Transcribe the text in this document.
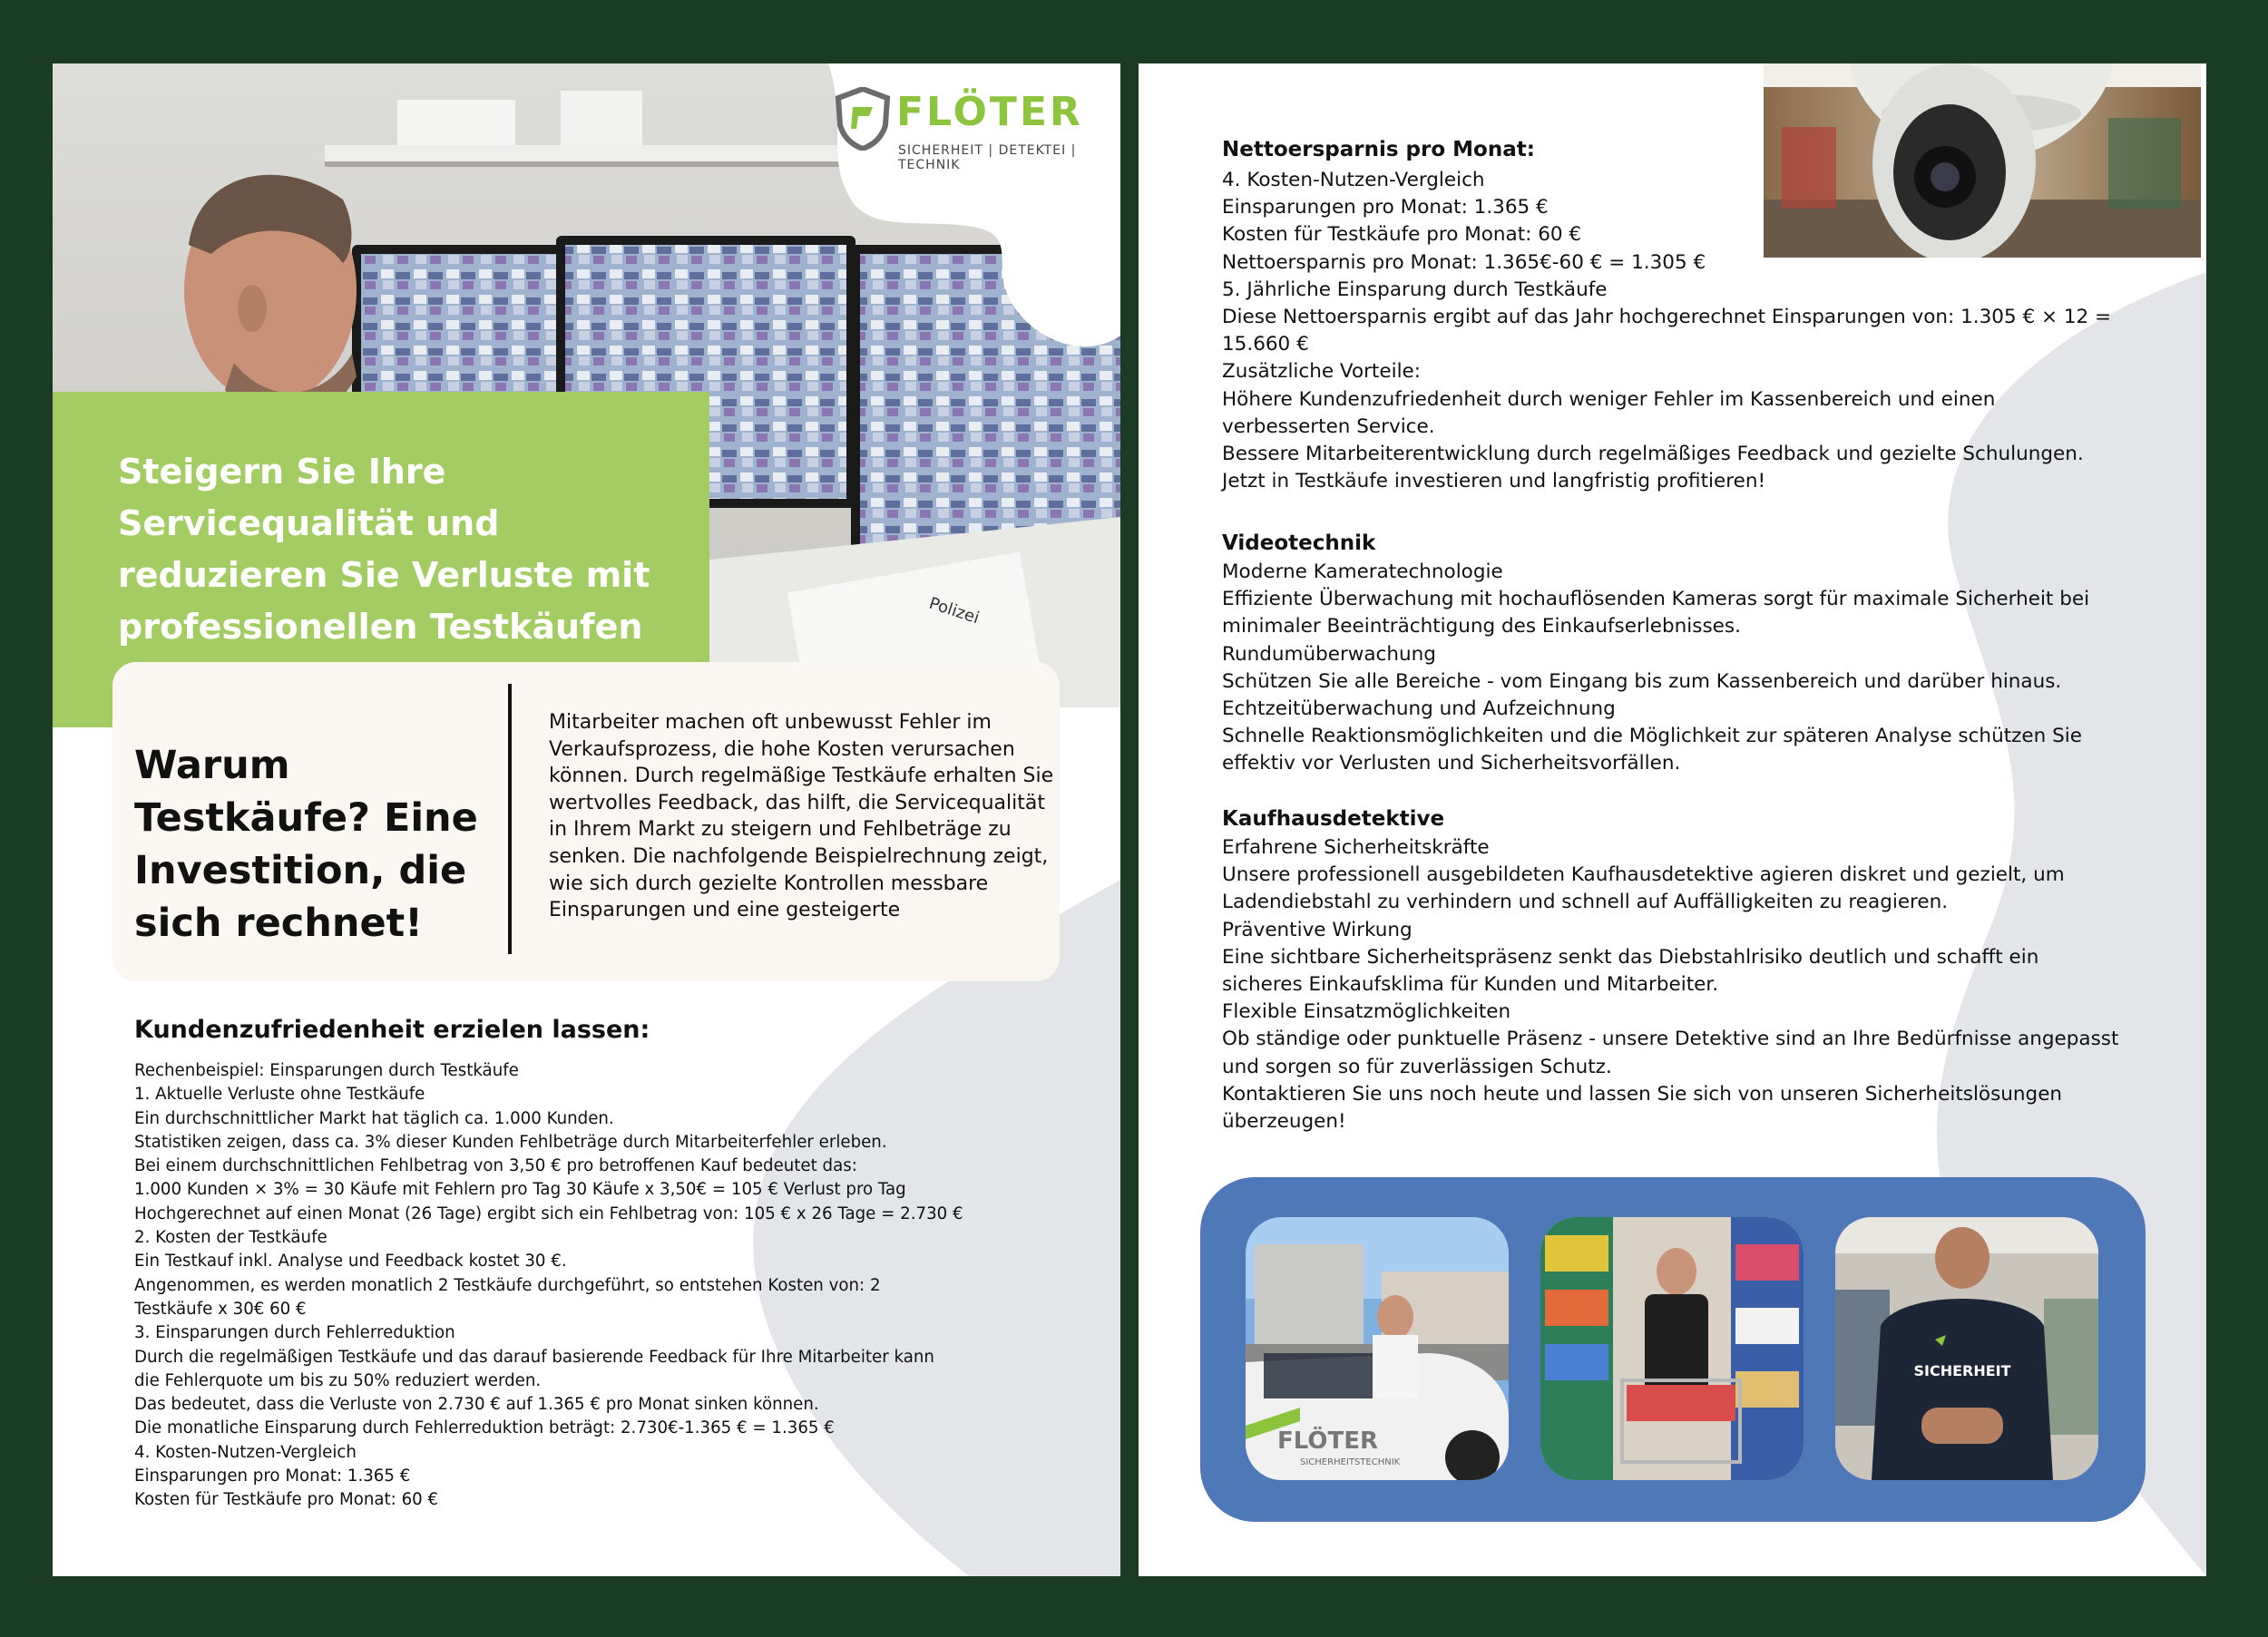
Polizei
FLÖTER
SICHERHEIT | DETEKTEI | TECHNIK
Steigern Sie Ihre Servicequalität und reduzieren Sie Verluste mit professionellen Testkäufen
Warum Testkäufe? Eine Investition, die sich rechnet!
Mitarbeiter machen oft unbewusst Fehler im Verkaufsprozess, die hohe Kosten verursachen können. Durch regelmäßige Testkäufe erhalten Sie wertvolles Feedback, das hilft, die Servicequalität in Ihrem Markt zu steigern und Fehlbeträge zu senken. Die nachfolgende Beispielrechnung zeigt, wie sich durch gezielte Kontrollen messbare Einsparungen und eine gesteigerte
Kundenzufriedenheit erzielen lassen:
Rechenbeispiel: Einsparungen durch Testkäufe
1. Aktuelle Verluste ohne Testkäufe
Ein durchschnittlicher Markt hat täglich ca. 1.000 Kunden.
Statistiken zeigen, dass ca. 3% dieser Kunden Fehlbeträge durch Mitarbeiterfehler erleben.
Bei einem durchschnittlichen Fehlbetrag von 3,50 € pro betroffenen Kauf bedeutet das:
1.000 Kunden × 3% = 30 Käufe mit Fehlern pro Tag 30 Käufe x 3,50€ = 105 € Verlust pro Tag
Hochgerechnet auf einen Monat (26 Tage) ergibt sich ein Fehlbetrag von: 105 € x 26 Tage = 2.730 €
2. Kosten der Testkäufe
Ein Testkauf inkl. Analyse und Feedback kostet 30 €.
Angenommen, es werden monatlich 2 Testkäufe durchgeführt, so entstehen Kosten von: 2
Testkäufe x 30€ 60 €
3. Einsparungen durch Fehlerreduktion
Durch die regelmäßigen Testkäufe und das darauf basierende Feedback für Ihre Mitarbeiter kann
die Fehlerquote um bis zu 50% reduziert werden.
Das bedeutet, dass die Verluste von 2.730 € auf 1.365 € pro Monat sinken können.
Die monatliche Einsparung durch Fehlerreduktion beträgt: 2.730€-1.365 € = 1.365 €
4. Kosten-Nutzen-Vergleich
Einsparungen pro Monat: 1.365 €
Kosten für Testkäufe pro Monat: 60 €
Nettoersparnis pro Monat:
4. Kosten-Nutzen-Vergleich
Einsparungen pro Monat: 1.365 €
Kosten für Testkäufe pro Monat: 60 €
Nettoersparnis pro Monat: 1.365€-60 € = 1.305 €
5. Jährliche Einsparung durch Testkäufe
Diese Nettoersparnis ergibt auf das Jahr hochgerechnet Einsparungen von: 1.305 € × 12 =
15.660 €
Zusätzliche Vorteile:
Höhere Kundenzufriedenheit durch weniger Fehler im Kassenbereich und einen
verbesserten Service.
Bessere Mitarbeiterentwicklung durch regelmäßiges Feedback und gezielte Schulungen.
Jetzt in Testkäufe investieren und langfristig profitieren!
Videotechnik
Moderne Kameratechnologie
Effiziente Überwachung mit hochauflösenden Kameras sorgt für maximale Sicherheit bei
minimaler Beeinträchtigung des Einkaufserlebnisses.
Rundumüberwachung
Schützen Sie alle Bereiche - vom Eingang bis zum Kassenbereich und darüber hinaus.
Echtzeitüberwachung und Aufzeichnung
Schnelle Reaktionsmöglichkeiten und die Möglichkeit zur späteren Analyse schützen Sie
effektiv vor Verlusten und Sicherheitsvorfällen.
Kaufhausdetektive
Erfahrene Sicherheitskräfte
Unsere professionell ausgebildeten Kaufhausdetektive agieren diskret und gezielt, um
Ladendiebstahl zu verhindern und schnell auf Auffälligkeiten zu reagieren.
Präventive Wirkung
Eine sichtbare Sicherheitspräsenz senkt das Diebstahlrisiko deutlich und schafft ein
sicheres Einkaufsklima für Kunden und Mitarbeiter.
Flexible Einsatzmöglichkeiten
Ob ständige oder punktuelle Präsenz - unsere Detektive sind an Ihre Bedürfnisse angepasst
und sorgen so für zuverlässigen Schutz.
Kontaktieren Sie uns noch heute und lassen Sie sich von unseren Sicherheitslösungen
überzeugen!
FLÖTER
SICHERHEITSTECHNIK
SICHERHEIT
